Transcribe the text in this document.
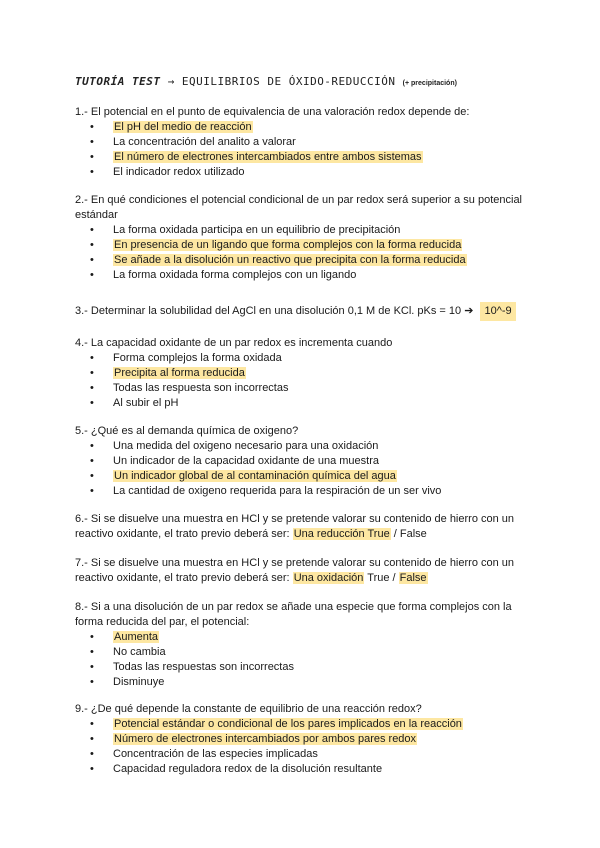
TUTORÍA TEST → EQUILIBRIOS DE ÓXIDO-REDUCCIÓN (+ precipitación)

1.- El potencial en el punto de equivalencia de una valoración redox depende de:

• El pH del medio de reacción
• La concentración del analito a valorar
• El número de electrones intercambiados entre ambos sistemas
• El indicador redox utilizado

2.- En qué condiciones el potencial condicional de un par redox será superior a su potencial estándar

• La forma oxidada participa en un equilibrio de precipitación
• En presencia de un ligando que forma complejos con la forma reducida
• Se añade a la disolución un reactivo que precipita con la forma reducida
• La forma oxidada forma complejos con un ligando

3.- Determinar la solubilidad del AgCl en una disolución 0,1 M de KCl. pKs = 10 ➔ 10^-9

4.- La capacidad oxidante de un par redox es incrementa cuando

• Forma complejos la forma oxidada
• Precipita al forma reducida
• Todas las respuesta son incorrectas
• Al subir el pH

5.- ¿Qué es al demanda química de oxigeno?

• Una medida del oxigeno necesario para una oxidación
• Un indicador de la capacidad oxidante de una muestra
• Un indicador global de al contaminación química del agua
• La cantidad de oxigeno requerida para la respiración de un ser vivo

6.- Si se disuelve una muestra en HCl y se pretende valorar su contenido de hierro con un reactivo oxidante, el trato previo deberá ser: Una reducción True / False

7.- Si se disuelve una muestra en HCl y se pretende valorar su contenido de hierro con un reactivo oxidante, el trato previo deberá ser: Una oxidación True / False

8.- Si a una disolución de un par redox se añade una especie que forma complejos con la forma reducida del par, el potencial:

• Aumenta
• No cambia
• Todas las respuestas son incorrectas
• Disminuye

9.- ¿De qué depende la constante de equilibrio de una reacción redox?

• Potencial estándar o condicional de los pares implicados en la reacción
• Número de electrones intercambiados por ambos pares redox
• Concentración de las especies implicadas
• Capacidad reguladora redox de la disolución resultante
